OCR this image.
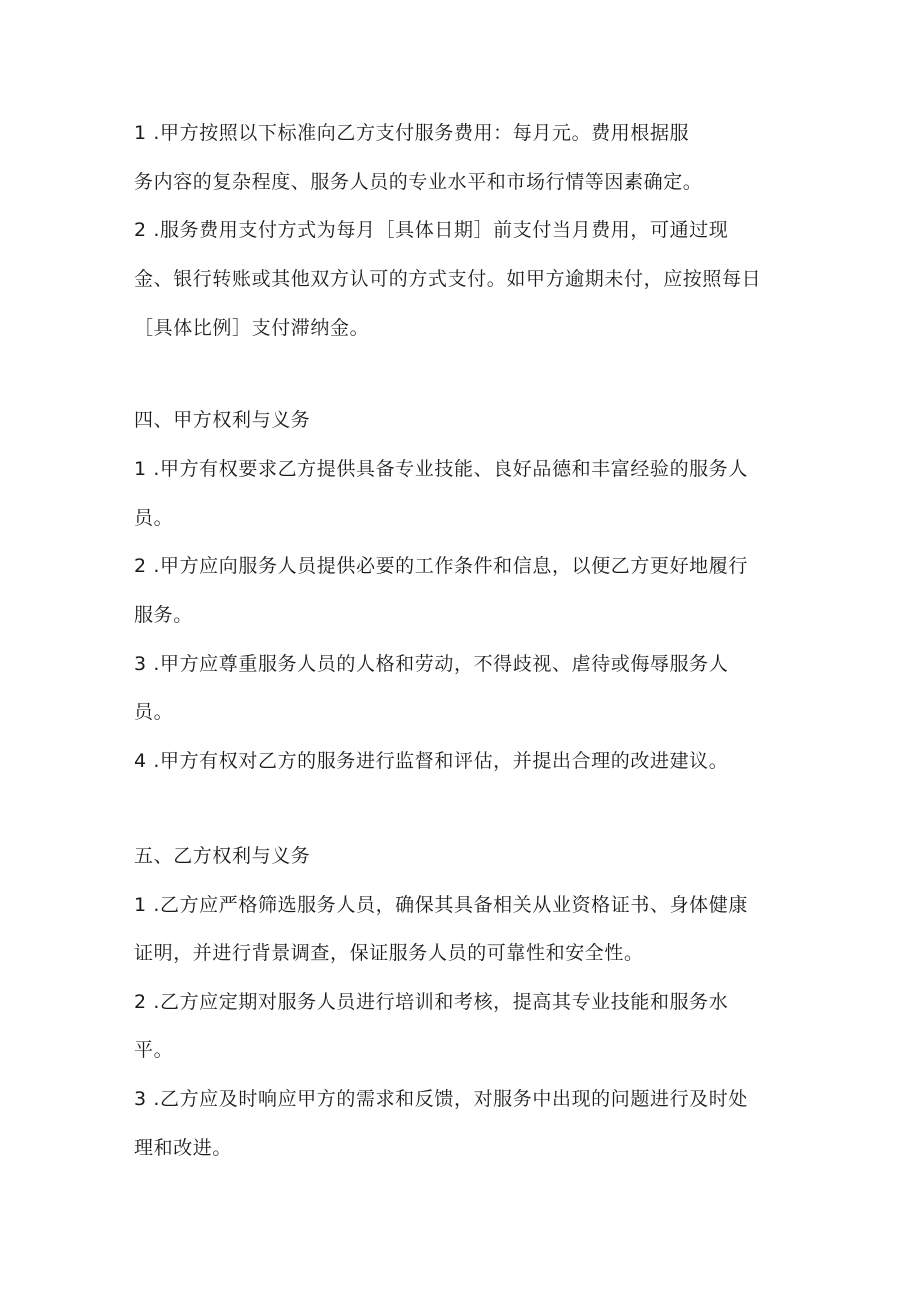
1 .甲方按照以下标准向乙方支付服务费用：每月元。费用根据服
务内容的复杂程度、服务人员的专业水平和市场行情等因素确定。
2 .服务费用支付方式为每月［具体日期］前支付当月费用，可通过现
金、银行转账或其他双方认可的方式支付。如甲方逾期未付，应按照每日
［具体比例］支付滞纳金。
四、甲方权利与义务
1 .甲方有权要求乙方提供具备专业技能、良好品德和丰富经验的服务人
员。
2 .甲方应向服务人员提供必要的工作条件和信息，以便乙方更好地履行
服务。
3 .甲方应尊重服务人员的人格和劳动，不得歧视、虐待或侮辱服务人
员。
4 .甲方有权对乙方的服务进行监督和评估，并提出合理的改进建议。
五、乙方权利与义务
1 .乙方应严格筛选服务人员，确保其具备相关从业资格证书、身体健康
证明，并进行背景调查，保证服务人员的可靠性和安全性。
2 .乙方应定期对服务人员进行培训和考核，提高其专业技能和服务水
平。
3 .乙方应及时响应甲方的需求和反馈，对服务中出现的问题进行及时处
理和改进。
